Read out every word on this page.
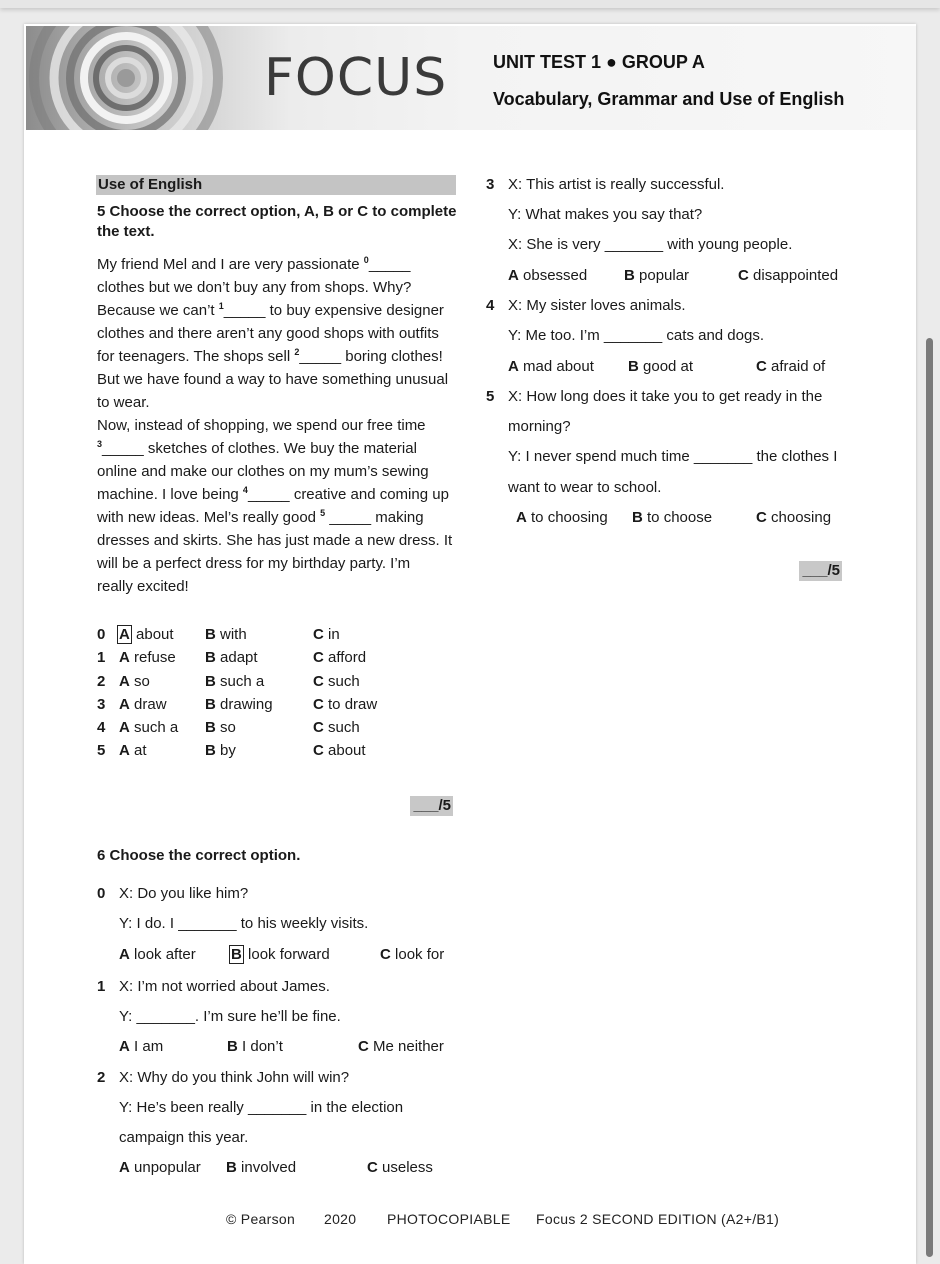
FOCUS	UNIT TEST 1 ● GROUP A
Vocabulary, Grammar and Use of English
Use of English
5 Choose the correct option, A, B or C to complete
the text.
My friend Mel and I are very passionate $^0$_____
clothes but we don’t buy any from shops. Why?
Because we can’t $^1$_____ to buy expensive designer
clothes and there aren’t any good shops with outfits
for teenagers. The shops sell $^2$_____ boring clothes!
But we have found a way to have something unusual
to wear.
Now, instead of shopping, we spend our free time
$^3$_____ sketches of clothes. We buy the material
online and make our clothes on my mum’s sewing
machine. I love being $^4$_____ creative and coming up
with new ideas. Mel’s really good $^5$ _____ making
dresses and skirts. She has just made a new dress. It
will be a perfect dress for my birthday party. I’m
really excited!
0 A about B with	C in
1 A refuse B adapt	C afford
2 A so	B such a	C such
3 A draw	B drawing	C to draw
4 A such a B so	C such
5 A at	B by	C about
___/5
6 Choose the correct option.
0 X: Do you like him?
Y: I do. I _______ to his weekly visits.
A look after B look forward	C look for
1 X: I’m not worried about James.
Y: _______. I’m sure he’ll be fine.
A I am	B I don’t	C Me neither
2 X: Why do you think John will win?
Y: He’s been really _______ in the election
campaign this year.
A unpopular B involved	C useless
3 X: This artist is really successful.
Y: What makes you say that?
X: She is very _______ with young people.
A obsessed B popular	C disappointed
4 X: My sister loves animals.
Y: Me too. I’m _______ cats and dogs.
A mad about B good at	C afraid of
5 X: How long does it take you to get ready in the
morning?
Y: I never spend much time _______ the clothes I
want to wear to school.
A to choosing B to choose	C choosing
___/5
© Pearson 2020 PHOTOCOPIABLE Focus 2 SECOND EDITION (A2+/B1)
